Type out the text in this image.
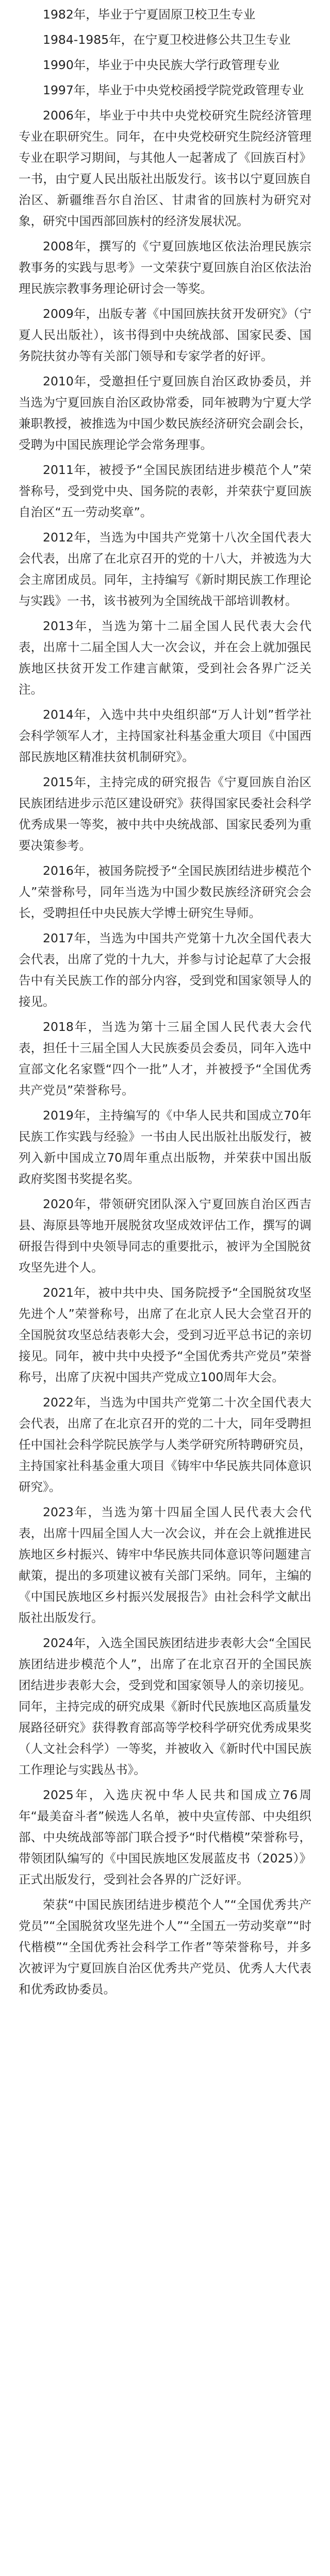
1982年，毕业于宁夏固原卫校卫生专业

1984-1985年，在宁夏卫校进修公共卫生专业

1990年，毕业于中央民族大学行政管理专业

1997年，毕业于中央党校函授学院党政管理专业

2006年，毕业于中共中央党校研究生院经济管理专业在职研究生。同年，在中央党校研究生院经济管理专业在职学习期间，与其他人一起著成了《回族百村》一书，由宁夏人民出版社出版发行。该书以宁夏回族自治区、新疆维吾尔自治区、甘肃省的回族村为研究对象，研究中国西部回族村的经济发展状况。

2008年，撰写的《宁夏回族地区依法治理民族宗教事务的实践与思考》一文荣获宁夏回族自治区依法治理民族宗教事务理论研讨会一等奖。

2009年，出版专著《中国回族扶贫开发研究》（宁夏人民出版社），该书得到中央统战部、国家民委、国务院扶贫办等有关部门领导和专家学者的好评。

2010年，受邀担任宁夏回族自治区政协委员，并当选为宁夏回族自治区政协常委，同年被聘为宁夏大学兼职教授，被推选为中国少数民族经济研究会副会长，受聘为中国民族理论学会常务理事。

2011年，被授予“全国民族团结进步模范个人”荣誉称号，受到党中央、国务院的表彰，并荣获宁夏回族自治区“五一劳动奖章”。

2012年，当选为中国共产党第十八次全国代表大会代表，出席了在北京召开的党的十八大，并被选为大会主席团成员。同年，主持编写《新时期民族工作理论与实践》一书，该书被列为全国统战干部培训教材。

2013年，当选为第十二届全国人民代表大会代表，出席十二届全国人大一次会议，并在会上就加强民族地区扶贫开发工作建言献策，受到社会各界广泛关注。

2014年，入选中共中央组织部“万人计划”哲学社会科学领军人才，主持国家社科基金重大项目《中国西部民族地区精准扶贫机制研究》。

2015年，主持完成的研究报告《宁夏回族自治区民族团结进步示范区建设研究》获得国家民委社会科学优秀成果一等奖，被中共中央统战部、国家民委列为重要决策参考。

2016年，被国务院授予“全国民族团结进步模范个人”荣誉称号，同年当选为中国少数民族经济研究会会长，受聘担任中央民族大学博士研究生导师。

2017年，当选为中国共产党第十九次全国代表大会代表，出席了党的十九大，并参与讨论起草了大会报告中有关民族工作的部分内容，受到党和国家领导人的接见。

2018年，当选为第十三届全国人民代表大会代表，担任十三届全国人大民族委员会委员，同年入选中宣部文化名家暨“四个一批”人才，并被授予“全国优秀共产党员”荣誉称号。

2019年，主持编写的《中华人民共和国成立70年民族工作实践与经验》一书由人民出版社出版发行，被列入新中国成立70周年重点出版物，并荣获中国出版政府奖图书奖提名奖。

2020年，带领研究团队深入宁夏回族自治区西吉县、海原县等地开展脱贫攻坚成效评估工作，撰写的调研报告得到中央领导同志的重要批示，被评为全国脱贫攻坚先进个人。

2021年，被中共中央、国务院授予“全国脱贫攻坚先进个人”荣誉称号，出席了在北京人民大会堂召开的全国脱贫攻坚总结表彰大会，受到习近平总书记的亲切接见。同年，被中共中央授予“全国优秀共产党员”荣誉称号，出席了庆祝中国共产党成立100周年大会。

2022年，当选为中国共产党第二十次全国代表大会代表，出席了在北京召开的党的二十大，同年受聘担任中国社会科学院民族学与人类学研究所特聘研究员，主持国家社科基金重大项目《铸牢中华民族共同体意识研究》。

2023年，当选为第十四届全国人民代表大会代表，出席十四届全国人大一次会议，并在会上就推进民族地区乡村振兴、铸牢中华民族共同体意识等问题建言献策，提出的多项建议被有关部门采纳。同年，主编的《中国民族地区乡村振兴发展报告》由社会科学文献出版社出版发行。

2024年，入选全国民族团结进步表彰大会“全国民族团结进步模范个人”，出席了在北京召开的全国民族团结进步表彰大会，受到党和国家领导人的亲切接见。同年，主持完成的研究成果《新时代民族地区高质量发展路径研究》获得教育部高等学校科学研究优秀成果奖（人文社会科学）一等奖，并被收入《新时代中国民族工作理论与实践丛书》。

2025年，入选庆祝中华人民共和国成立76周年“最美奋斗者”候选人名单，被中央宣传部、中央组织部、中央统战部等部门联合授予“时代楷模”荣誉称号，带领团队编写的《中国民族地区发展蓝皮书（2025）》正式出版发行，受到社会各界的广泛好评。

荣获“中国民族团结进步模范个人”“全国优秀共产党员”“全国脱贫攻坚先进个人”“全国五一劳动奖章”“时代楷模”“全国优秀社会科学工作者”等荣誉称号，并多次被评为宁夏回族自治区优秀共产党员、优秀人大代表和优秀政协委员。
